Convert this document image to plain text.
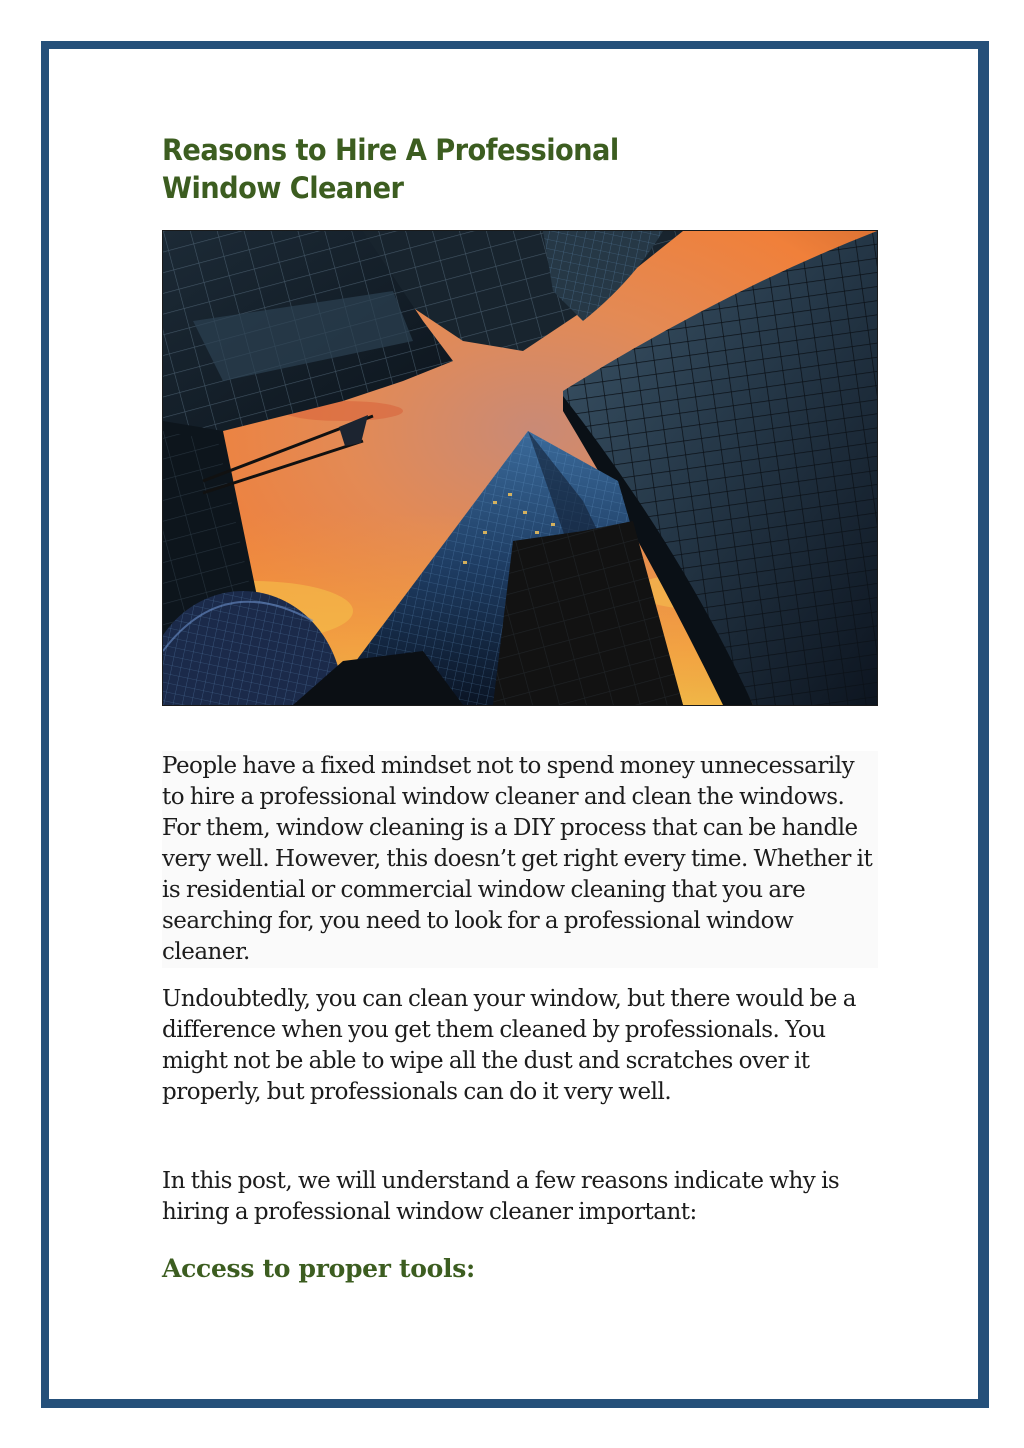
Reasons to Hire A Professional Window Cleaner

People have a fixed mindset not to spend money unnecessarily to hire a professional window cleaner and clean the windows. For them, window cleaning is a DIY process that can be handle very well. However, this doesn’t get right every time. Whether it is residential or commercial window cleaning that you are searching for, you need to look for a professional window cleaner.

Undoubtedly, you can clean your window, but there would be a difference when you get them cleaned by professionals. You might not be able to wipe all the dust and scratches over it properly, but professionals can do it very well.

In this post, we will understand a few reasons indicate why is hiring a professional window cleaner important:

Access to proper tools:
